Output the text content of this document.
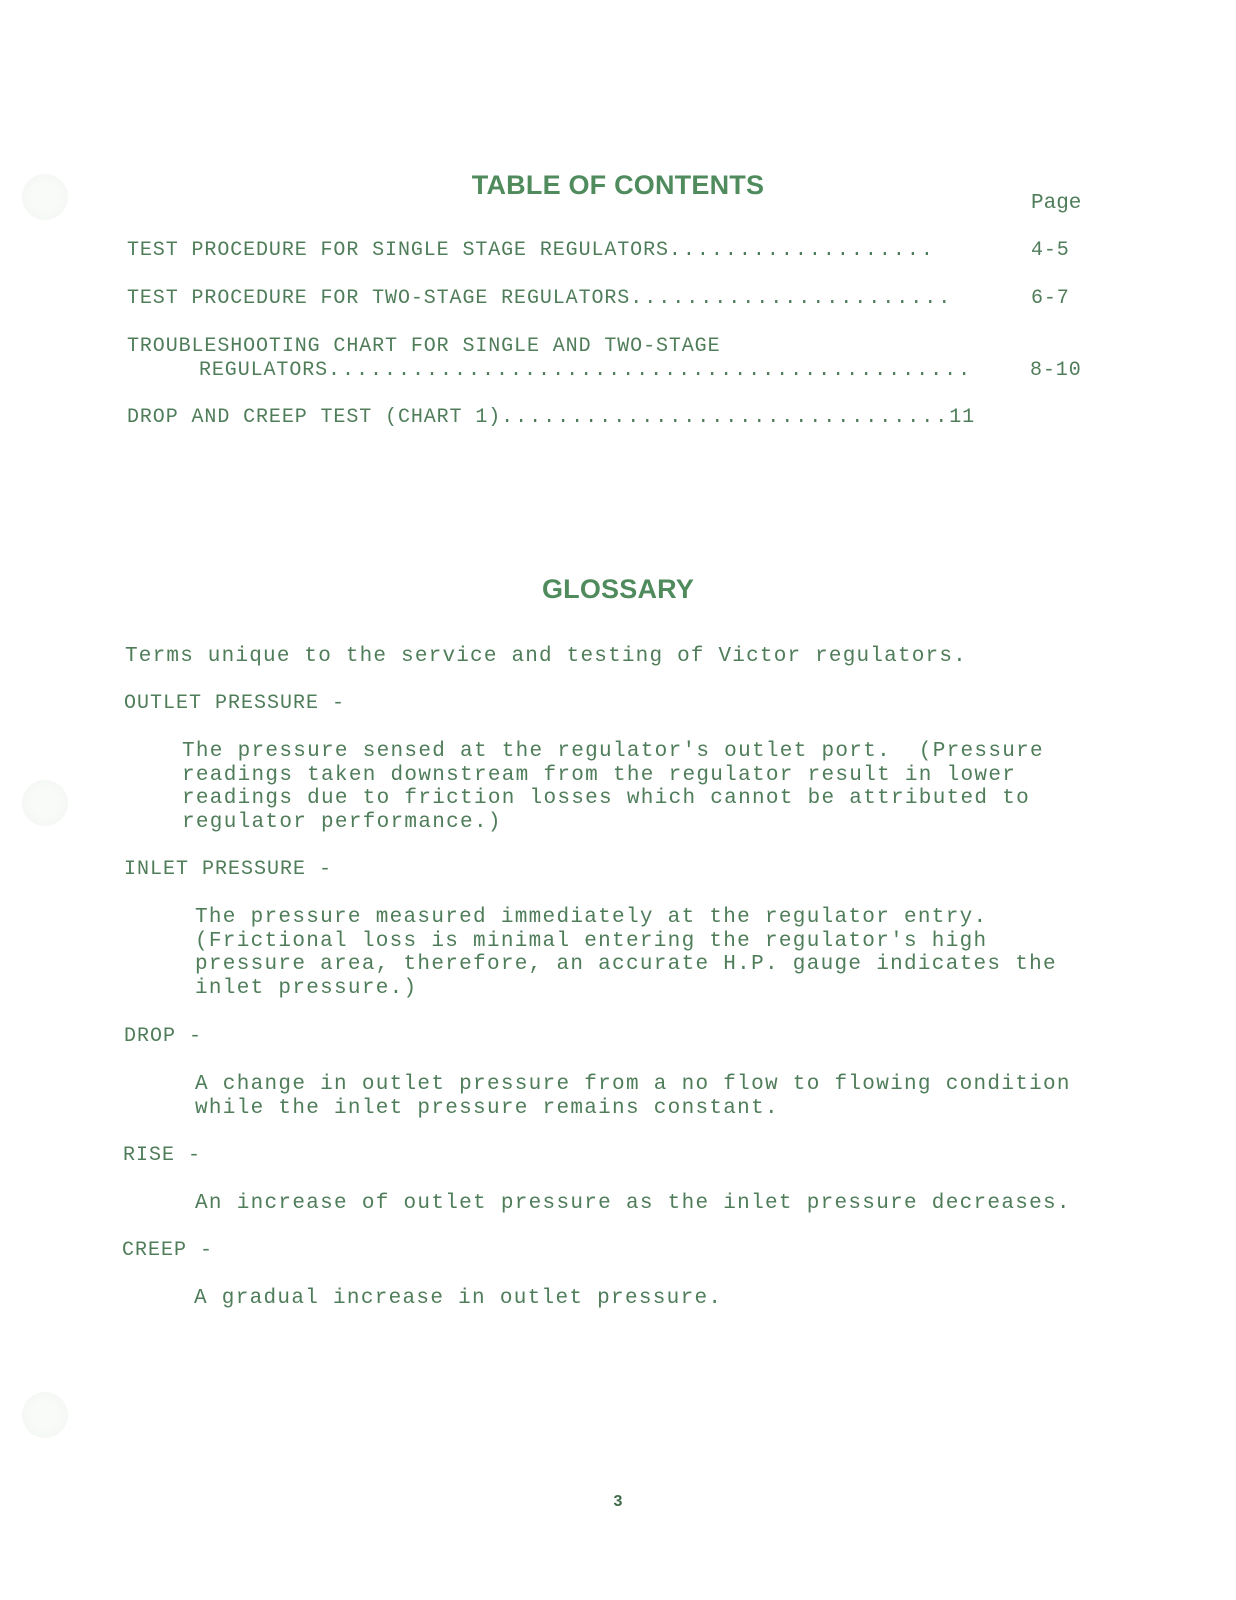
TABLE OF CONTENTS
Page
TEST PROCEDURE FOR SINGLE STAGE REGULATORS...................	4-5
TEST PROCEDURE FOR TWO-STAGE REGULATORS.......................	6-7
TROUBLESHOOTING CHART FOR SINGLE AND TWO-STAGE
REGULATORS..............................................	8-10
DROP AND CREEP TEST (CHART 1)................................11
GLOSSARY
Terms unique to the service and testing of Victor regulators.
OUTLET PRESSURE -
The pressure sensed at the regulator's outlet port.  (Pressure
readings taken downstream from the regulator result in lower
readings due to friction losses which cannot be attributed to
regulator performance.)
INLET PRESSURE -
The pressure measured immediately at the regulator entry.
(Frictional loss is minimal entering the regulator's high
pressure area, therefore, an accurate H.P. gauge indicates the
inlet pressure.)
DROP -
A change in outlet pressure from a no flow to flowing condition
while the inlet pressure remains constant.
RISE -
An increase of outlet pressure as the inlet pressure decreases.
CREEP -
A gradual increase in outlet pressure.
3
